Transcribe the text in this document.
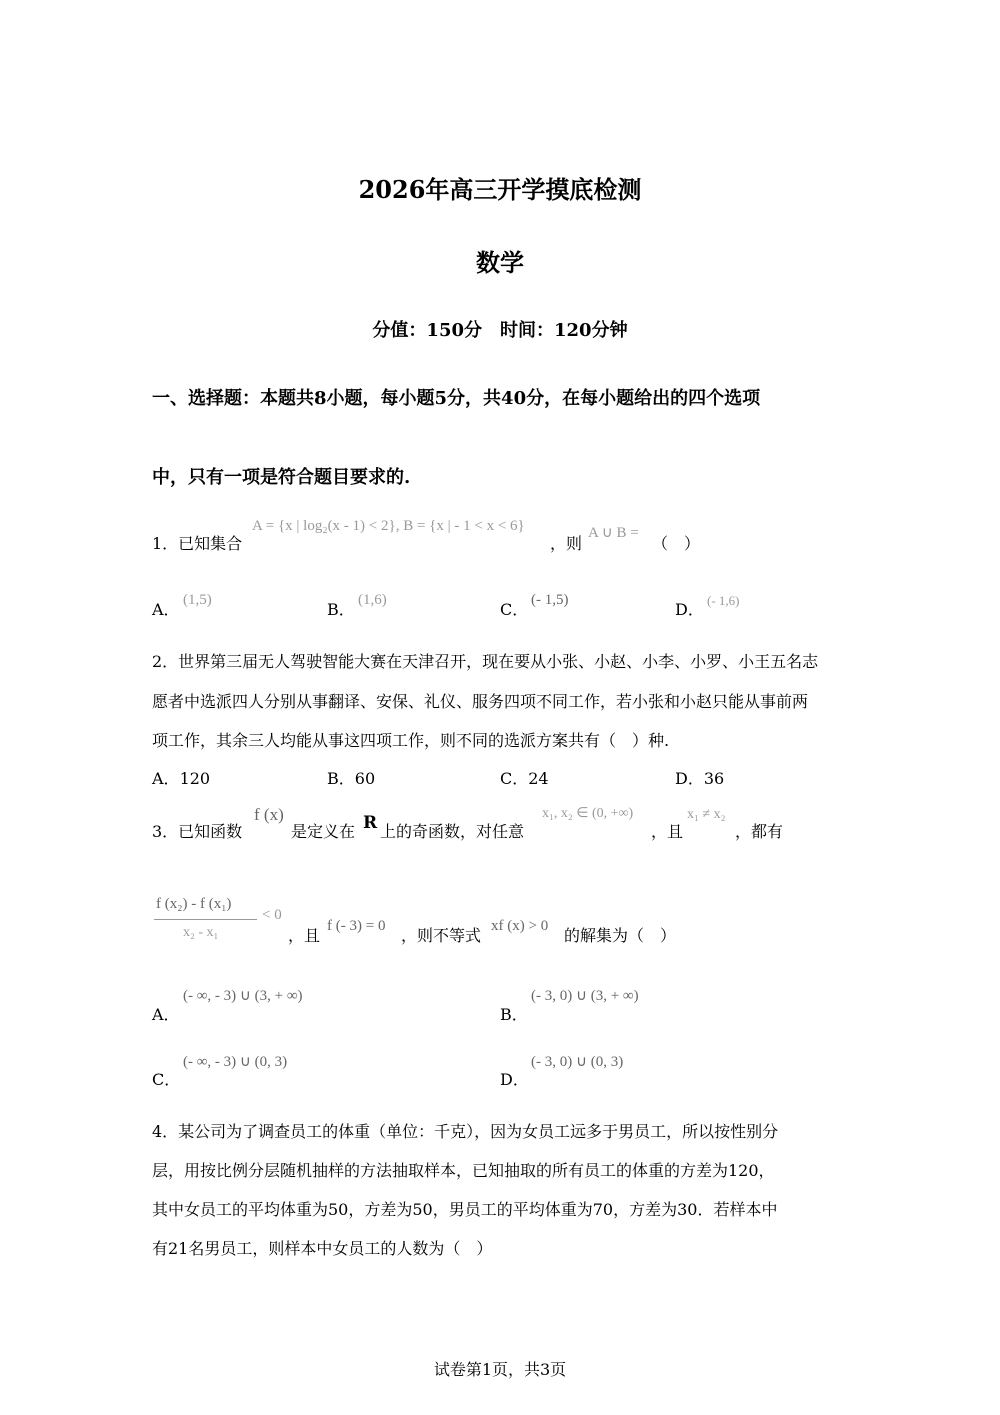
2026年高三开学摸底检测
数学
分值：150分　时间：120分钟
一、选择题：本题共8小题，每小题5分，共40分，在每小题给出的四个选项
中，只有一项是符合题目要求的.
1．已知集合
A = {x | log₂(x - 1) < 2}, B = {x | - 1 < x < 6}
，则
A ∪ B =
（　）
A． (1,5)	B． (1,6)	C． (- 1,5)	D． (- 1,6)
2．世界第三届无人驾驶智能大赛在天津召开，现在要从小张、小赵、小李、小罗、小王五名志
愿者中选派四人分别从事翻译、安保、礼仪、服务四项不同工作，若小张和小赵只能从事前两
项工作，其余三人均能从事这四项工作，则不同的选派方案共有（　）种.
A．120	B．60	C．24	D．36
3．已知函数
f (x)
是定义在 R 上的奇函数，对任意
x₁, x₂ ∈ (0, +∞)
，且
x₁ ≠ x₂
，都有
f (x₂) - f (x₁)
x₂ - x₁
< 0
，且 f (- 3) = 0 ，则不等式 xf (x) > 0 的解集为（　）
A．
(- ∞, - 3) ∪ (3, + ∞)
B．
(- 3, 0) ∪ (3, + ∞)
C．
(- ∞, - 3) ∪ (0, 3)
D．
(- 3, 0) ∪ (0, 3)
4．某公司为了调查员工的体重（单位：千克），因为女员工远多于男员工，所以按性别分
层，用按比例分层随机抽样的方法抽取样本，已知抽取的所有员工的体重的方差为120，
其中女员工的平均体重为50，方差为50，男员工的平均体重为70，方差为30．若样本中
有21名男员工，则样本中女员工的人数为（　）
试卷第1页，共3页
